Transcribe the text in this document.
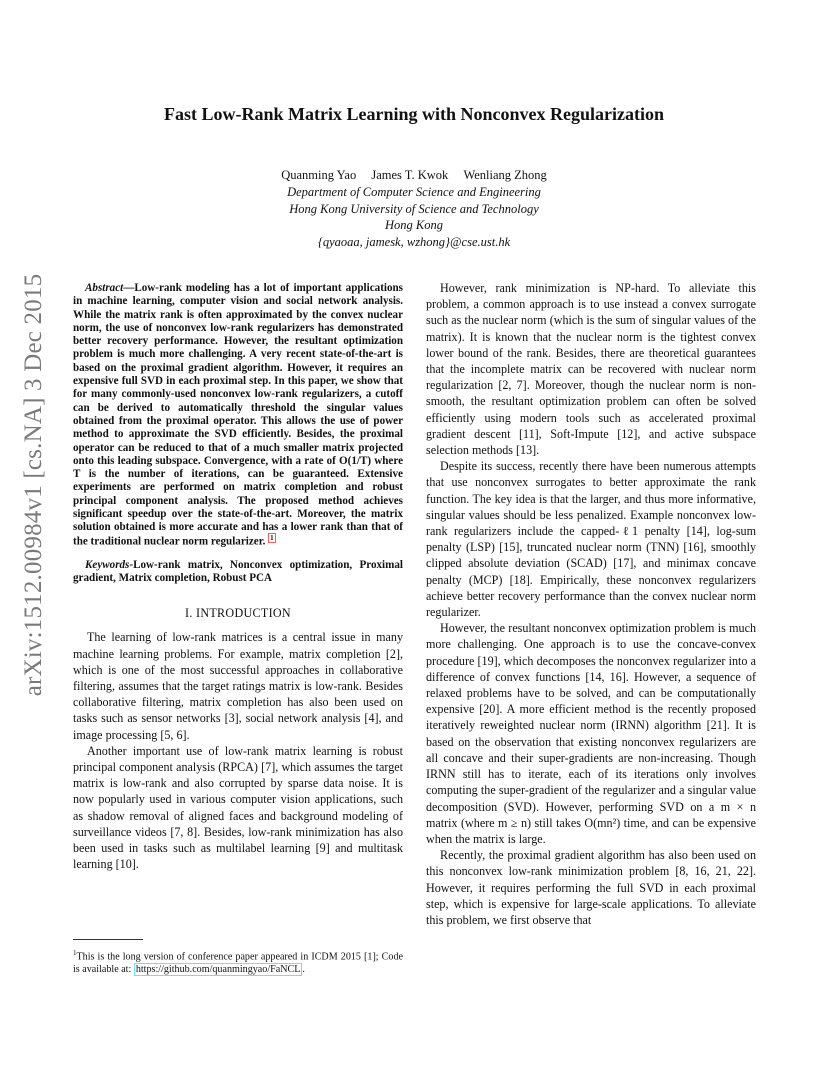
arXiv:1512.00984v1 [cs.NA] 3 Dec 2015
Fast Low-Rank Matrix Learning with Nonconvex Regularization
Quanming Yao James T. Kwok Wenliang Zhong
Department of Computer Science and Engineering
Hong Kong University of Science and Technology
Hong Kong
{qyaoaa, jamesk, wzhong}@cse.ust.hk

Abstract—Low-rank modeling has a lot of important applications in machine learning, computer vision and social network analysis. While the matrix rank is often approximated by the convex nuclear norm, the use of nonconvex low-rank regularizers has demonstrated better recovery performance. However, the resultant optimization problem is much more challenging. A very recent state-of-the-art is based on the proximal gradient algorithm. However, it requires an expensive full SVD in each proximal step. In this paper, we show that for many commonly-used nonconvex low-rank regularizers, a cutoff can be derived to automatically threshold the singular values obtained from the proximal operator. This allows the use of power method to approximate the SVD efficiently. Besides, the proximal operator can be reduced to that of a much smaller matrix projected onto this leading subspace. Convergence, with a rate of O(1/T) where T is the number of iterations, can be guaranteed. Extensive experiments are performed on matrix completion and robust principal component analysis. The proposed method achieves significant speedup over the state-of-the-art. Moreover, the matrix solution obtained is more accurate and has a lower rank than that of the traditional nuclear norm regularizer. $^1$

Keywords-Low-rank matrix, Nonconvex optimization, Proximal gradient, Matrix completion, Robust PCA

I. INTRODUCTION

The learning of low-rank matrices is a central issue in many machine learning problems. For example, matrix completion [2], which is one of the most successful approaches in collaborative filtering, assumes that the target ratings matrix is low-rank. Besides collaborative filtering, matrix completion has also been used on tasks such as sensor networks [3], social network analysis [4], and image processing [5, 6].

Another important use of low-rank matrix learning is robust principal component analysis (RPCA) [7], which assumes the target matrix is low-rank and also corrupted by sparse data noise. It is now popularly used in various computer vision applications, such as shadow removal of aligned faces and background modeling of surveillance videos [7, 8]. Besides, low-rank minimization has also been used in tasks such as multilabel learning [9] and multitask learning [10].

However, rank minimization is NP-hard. To alleviate this problem, a common approach is to use instead a convex surrogate such as the nuclear norm (which is the sum of singular values of the matrix). It is known that the nuclear norm is the tightest convex lower bound of the rank. Besides, there are theoretical guarantees that the incomplete matrix can be recovered with nuclear norm regularization [2, 7]. Moreover, though the nuclear norm is non-smooth, the resultant optimization problem can often be solved efficiently using modern tools such as accelerated proximal gradient descent [11], Soft-Impute [12], and active subspace selection methods [13].

Despite its success, recently there have been numerous attempts that use nonconvex surrogates to better approximate the rank function. The key idea is that the larger, and thus more informative, singular values should be less penalized. Example nonconvex low-rank regularizers include the capped-ℓ1 penalty [14], log-sum penalty (LSP) [15], truncated nuclear norm (TNN) [16], smoothly clipped absolute deviation (SCAD) [17], and minimax concave penalty (MCP) [18]. Empirically, these nonconvex regularizers achieve better recovery performance than the convex nuclear norm regularizer.

However, the resultant nonconvex optimization problem is much more challenging. One approach is to use the concave-convex procedure [19], which decomposes the nonconvex regularizer into a difference of convex functions [14, 16]. However, a sequence of relaxed problems have to be solved, and can be computationally expensive [20]. A more efficient method is the recently proposed iteratively reweighted nuclear norm (IRNN) algorithm [21]. It is based on the observation that existing nonconvex regularizers are all concave and their super-gradients are non-increasing. Though IRNN still has to iterate, each of its iterations only involves computing the super-gradient of the regularizer and a singular value decomposition (SVD). However, performing SVD on a m × n matrix (where m ≥ n) still takes O(mn²) time, and can be expensive when the matrix is large.

Recently, the proximal gradient algorithm has also been used on this nonconvex low-rank minimization problem [8, 16, 21, 22]. However, it requires performing the full SVD in each proximal step, which is expensive for large-scale applications. To alleviate this problem, we first observe that

$^1$This is the long version of conference paper appeared in ICDM 2015 [1]; Code is available at: https://github.com/quanmingyao/FaNCL .
